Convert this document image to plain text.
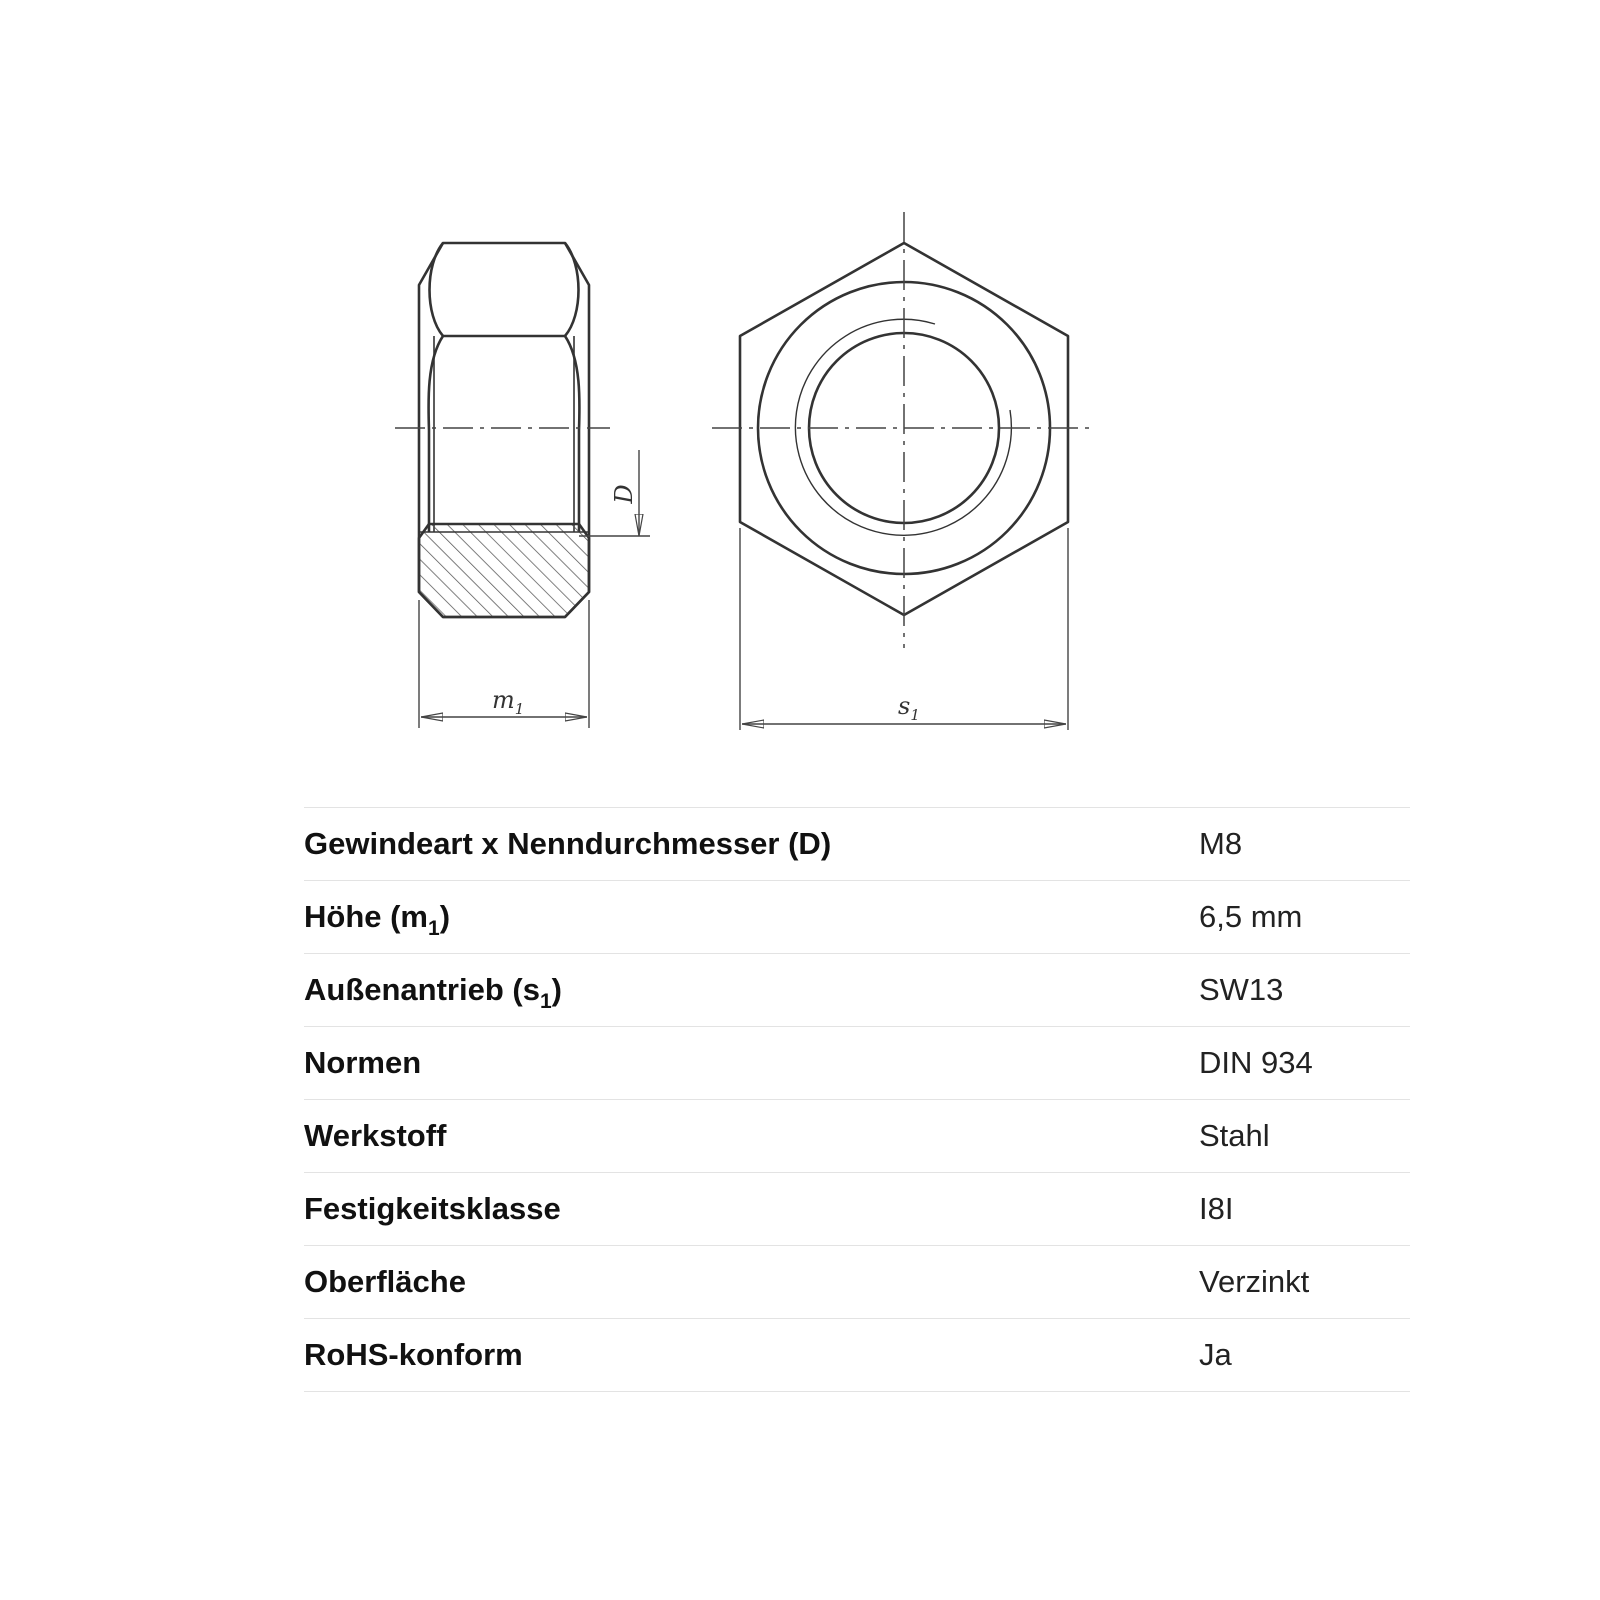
D
m1	s1
Gewindeart x Nenndurchmesser (D)	M8
Höhe $(m_1)$	6,5 mm
Außenantrieb $(s_1)$	SW13
Normen	DIN 934
Werkstoff	Stahl
Festigkeitsklasse	I8I
Oberfläche	Verzinkt
RoHS-konform	Ja
